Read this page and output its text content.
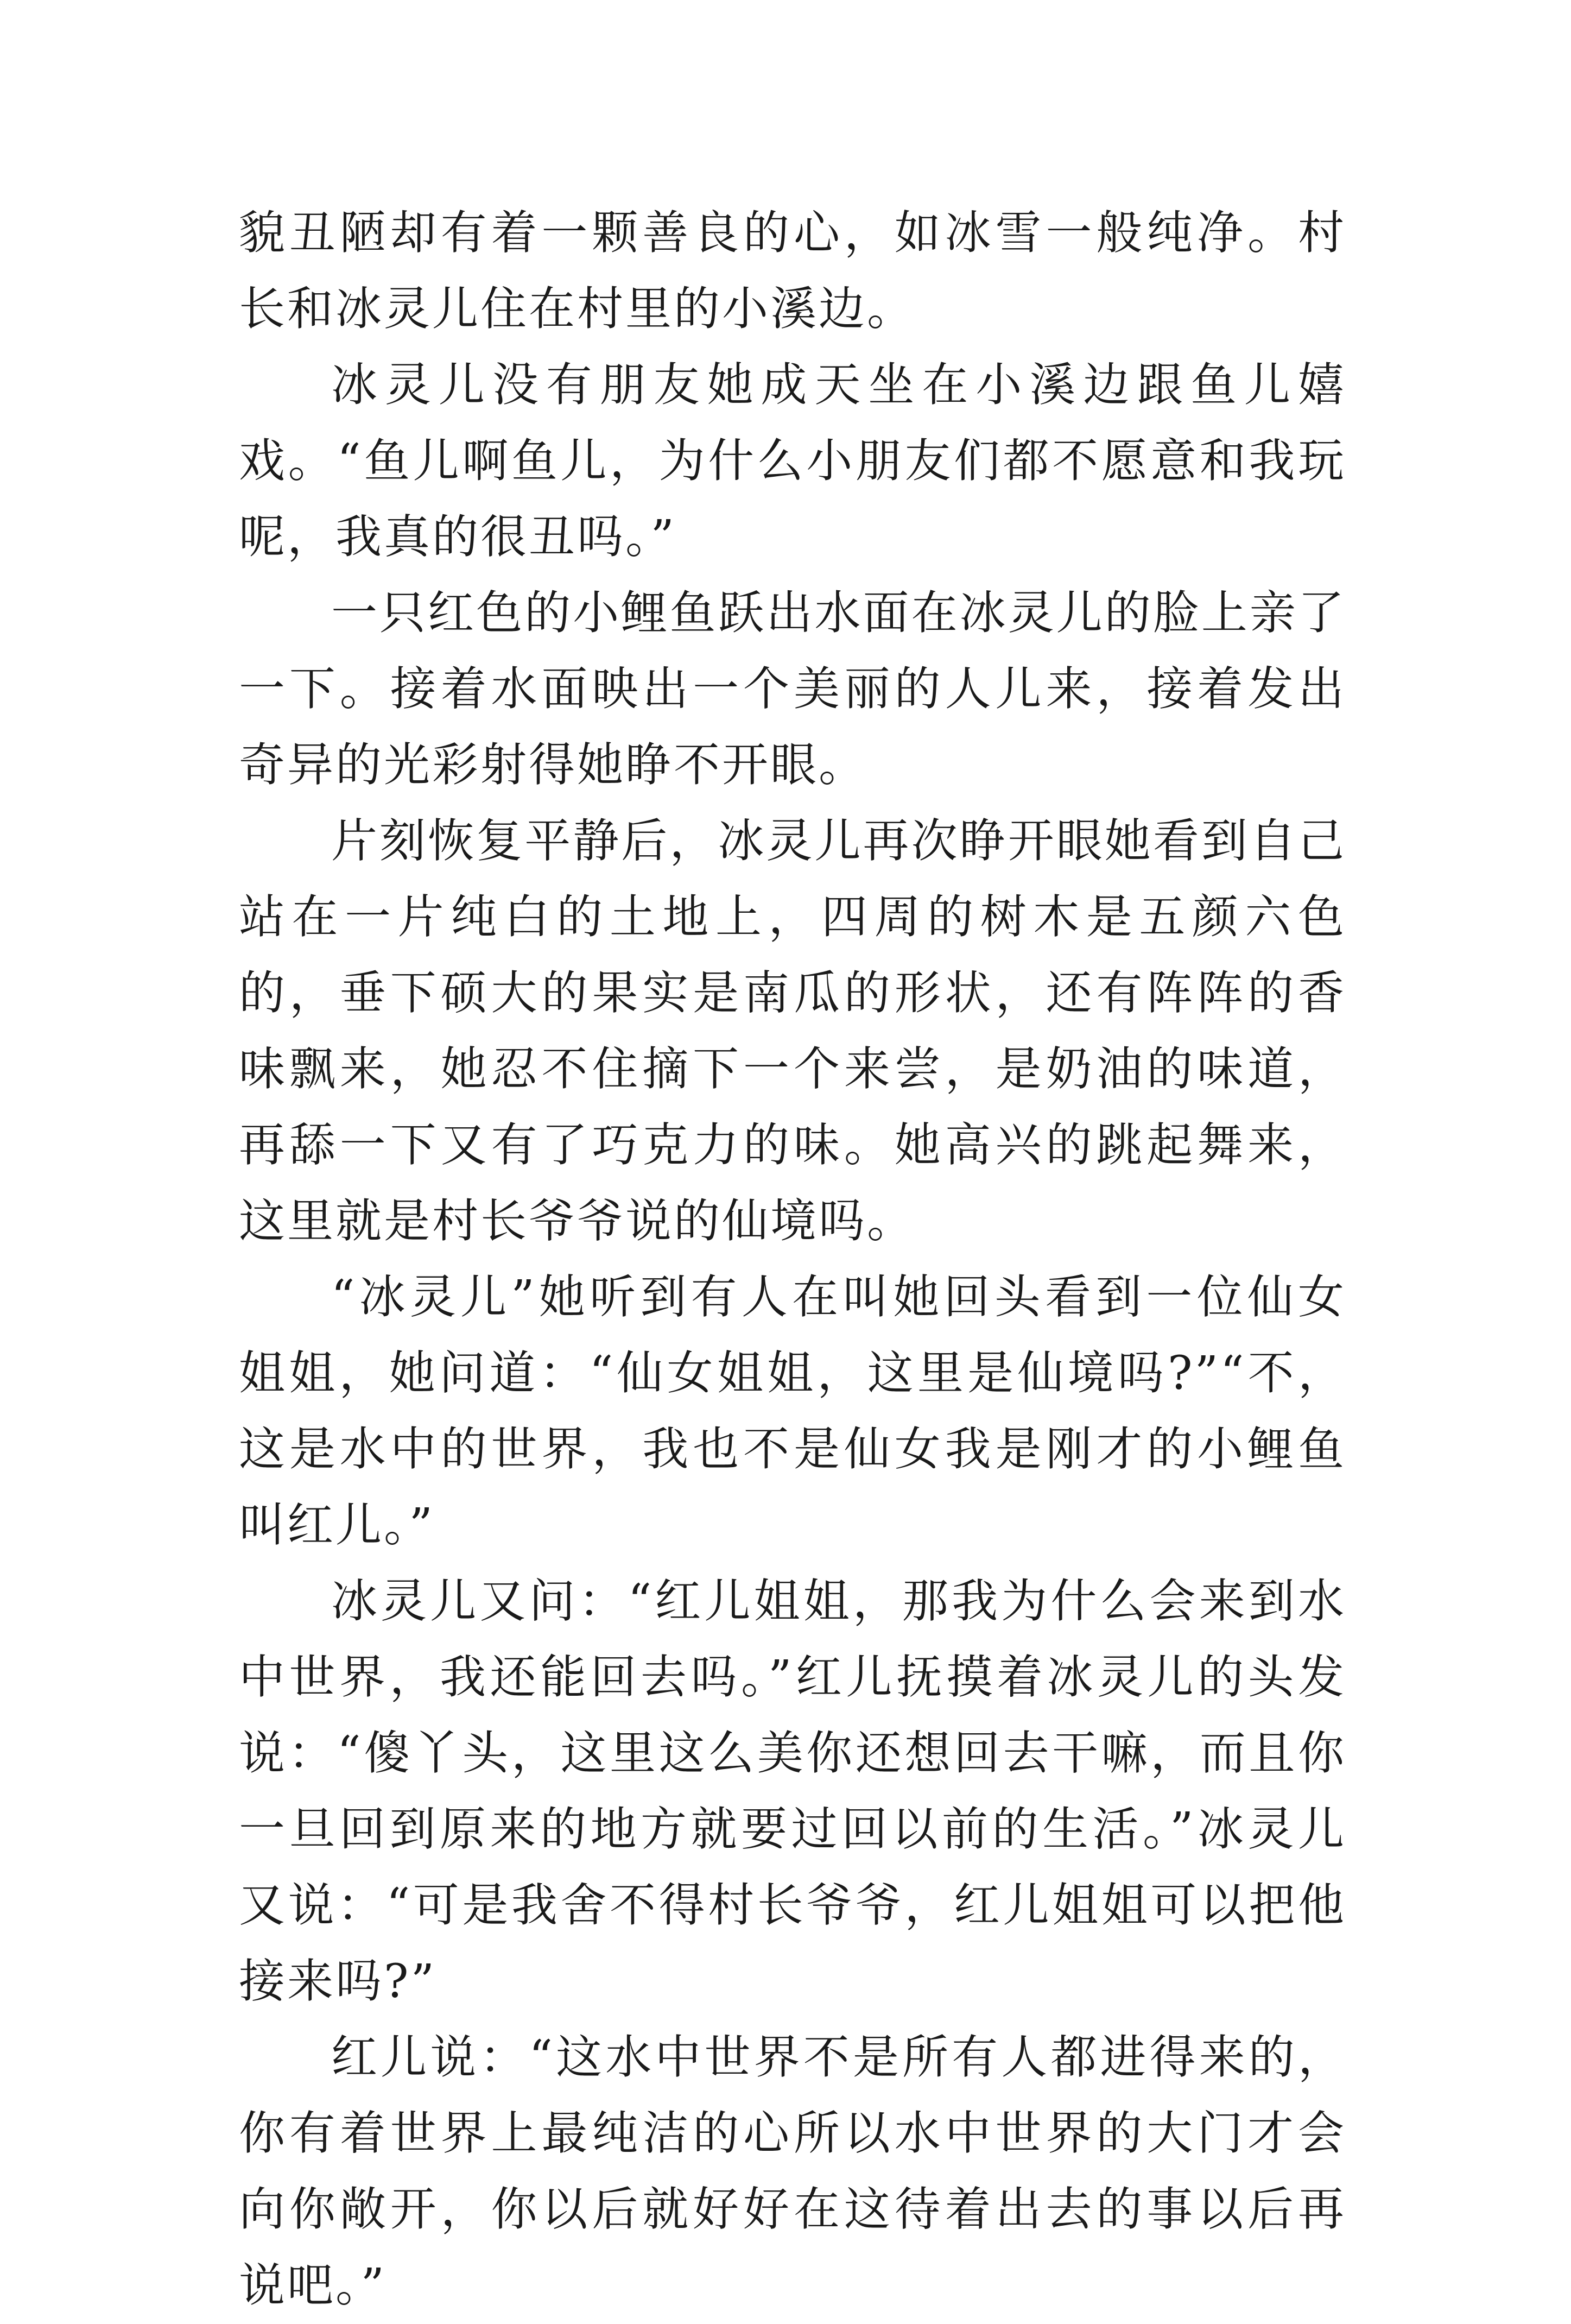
貌丑陋却有着一颗善良的心，如冰雪一般纯净。村长和冰灵儿住在村里的小溪边。

冰灵儿没有朋友她成天坐在小溪边跟鱼儿嬉戏。“鱼儿啊鱼儿，为什么小朋友们都不愿意和我玩呢，我真的很丑吗。”

一只红色的小鲤鱼跃出水面在冰灵儿的脸上亲了一下。接着水面映出一个美丽的人儿来，接着发出奇异的光彩射得她睁不开眼。

片刻恢复平静后，冰灵儿再次睁开眼她看到自己站在一片纯白的土地上，四周的树木是五颜六色的，垂下硕大的果实是南瓜的形状，还有阵阵的香味飘来，她忍不住摘下一个来尝，是奶油的味道，再舔一下又有了巧克力的味。她高兴的跳起舞来，这里就是村长爷爷说的仙境吗。

“冰灵儿”她听到有人在叫她回头看到一位仙女姐姐，她问道：“仙女姐姐，这里是仙境吗?”“不，这是水中的世界，我也不是仙女我是刚才的小鲤鱼叫红儿。”

冰灵儿又问：“红儿姐姐，那我为什么会来到水中世界，我还能回去吗。”红儿抚摸着冰灵儿的头发说：“傻丫头，这里这么美你还想回去干嘛，而且你一旦回到原来的地方就要过回以前的生活。”冰灵儿又说：“可是我舍不得村长爷爷，红儿姐姐可以把他接来吗?”

红儿说：“这水中世界不是所有人都进得来的，你有着世界上最纯洁的心所以水中世界的大门才会向你敞开，你以后就好好在这待着出去的事以后再说吧。”
